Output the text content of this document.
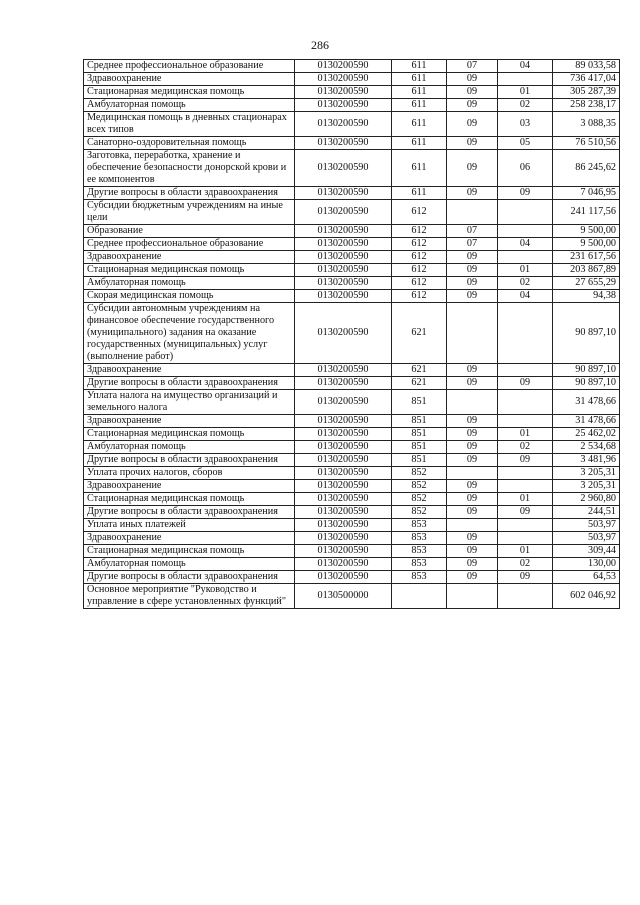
286
Среднее профессиональное образование	0130200590	611	07	04	89 033,58
Здравоохранение	0130200590	611	09		736 417,04
Стационарная медицинская помощь	0130200590	611	09	01	305 287,39
Амбулаторная помощь	0130200590	611	09	02	258 238,17
Медицинская помощь в дневных стационарах всех типов	0130200590	611	09	03	3 088,35
Санаторно-оздоровительная помощь	0130200590	611	09	05	76 510,56
Заготовка, переработка, хранение и обеспечение безопасности донорской крови и ее компонентов	0130200590	611	09	06	86 245,62
Другие вопросы в области здравоохранения	0130200590	611	09	09	7 046,95
Субсидии бюджетным учреждениям на иные цели	0130200590	612			241 117,56
Образование	0130200590	612	07		9 500,00
Среднее профессиональное образование	0130200590	612	07	04	9 500,00
Здравоохранение	0130200590	612	09		231 617,56
Стационарная медицинская помощь	0130200590	612	09	01	203 867,89
Амбулаторная помощь	0130200590	612	09	02	27 655,29
Скорая медицинская помощь	0130200590	612	09	04	94,38
Субсидии автономным учреждениям на финансовое обеспечение государственного (муниципального) задания на оказание государственных (муниципальных) услуг (выполнение работ)	0130200590	621			90 897,10
Здравоохранение	0130200590	621	09		90 897,10
Другие вопросы в области здравоохранения	0130200590	621	09	09	90 897,10
Уплата налога на имущество организаций и земельного налога	0130200590	851			31 478,66
Здравоохранение	0130200590	851	09		31 478,66
Стационарная медицинская помощь	0130200590	851	09	01	25 462,02
Амбулаторная помощь	0130200590	851	09	02	2 534,68
Другие вопросы в области здравоохранения	0130200590	851	09	09	3 481,96
Уплата прочих налогов, сборов	0130200590	852			3 205,31
Здравоохранение	0130200590	852	09		3 205,31
Стационарная медицинская помощь	0130200590	852	09	01	2 960,80
Другие вопросы в области здравоохранения	0130200590	852	09	09	244,51
Уплата иных платежей	0130200590	853			503,97
Здравоохранение	0130200590	853	09		503,97
Стационарная медицинская помощь	0130200590	853	09	01	309,44
Амбулаторная помощь	0130200590	853	09	02	130,00
Другие вопросы в области здравоохранения	0130200590	853	09	09	64,53
Основное мероприятие "Руководство и управление в сфере установленных функций"	0130500000				602 046,92
